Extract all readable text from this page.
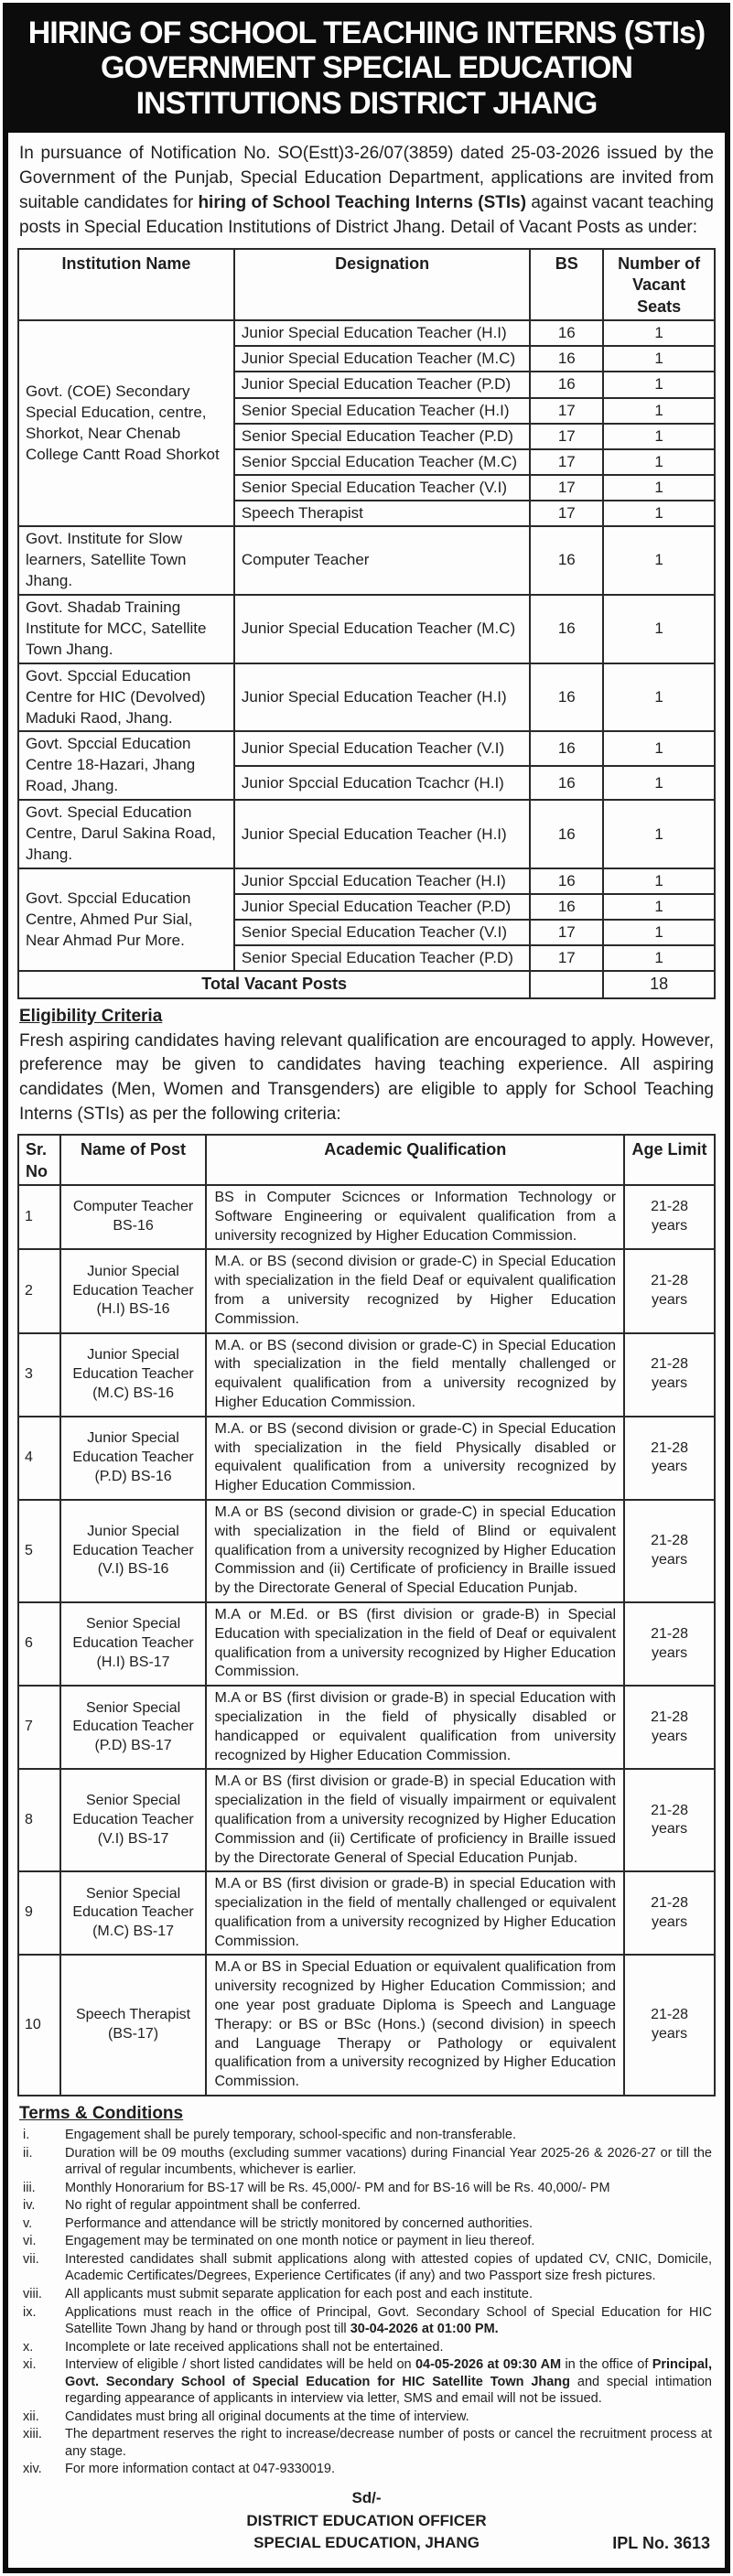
HIRING OF SCHOOL TEACHING INTERNS (STIs)
GOVERNMENT SPECIAL EDUCATION
INSTITUTIONS DISTRICT JHANG
In pursuance of Notification No. SO(Estt)3-26/07(3859) dated 25-03-2026 issued by the Government of the Punjab, Special Education Department, applications are invited from suitable candidates for hiring of School Teaching Interns (STIs) against vacant teaching posts in Special Education Institutions of District Jhang. Detail of Vacant Posts as under:
Institution Name	Designation	BS	Number of Vacant Seats
Govt. (COE) Secondary Special Education, centre, Shorkot, Near Chenab College Cantt Road Shorkot	Junior Special Education Teacher (H.I)	16	1
	Junior Special Education Teacher (M.C)	16	1
	Junior Special Education Teacher (P.D)	16	1
	Senior Special Education Teacher (H.I)	17	1
	Senior Special Education Teacher (P.D)	17	1
	Senior Spccial Education Teacher (M.C)	17	1
	Senior Special Education Teacher (V.I)	17	1
	Speech Therapist	17	1
Govt. Institute for Slow learners, Satellite Town Jhang.	Computer Teacher	16	1
Govt. Shadab Training Institute for MCC, Satellite Town Jhang.	Junior Special Education Teacher (M.C)	16	1
Govt. Spccial Education Centre for HIC (Devolved) Maduki Raod, Jhang.	Junior Special Education Teacher (H.I)	16	1
Govt. Spccial Education Centre 18-Hazari, Jhang Road, Jhang.	Junior Special Education Teacher (V.I)	16	1
	Junior Spccial Education Tcachcr (H.I)	16	1
Govt. Special Education Centre, Darul Sakina Road, Jhang.	Junior Special Education Teacher (H.I)	16	1
Govt. Spccial Education Centre, Ahmed Pur Sial, Near Ahmad Pur More.	Junior Spccial Education Teacher (H.I)	16	1
	Junior Special Education Teacher (P.D)	16	1
	Senior Special Education Teacher (V.I)	17	1
	Senior Special Education Teacher (P.D)	17	1
Total Vacant Posts			18
Eligibility Criteria
Fresh aspiring candidates having relevant qualification are encouraged to apply. However, preference may be given to candidates having teaching experience. All aspiring candidates (Men, Women and Transgenders) are eligible to apply for School Teaching Interns (STIs) as per the following criteria:
Sr. No	Name of Post	Academic Qualification	Age Limit
1	Computer Teacher BS-16	BS in Computer Scicnces or Information Technology or Software Engineering or equivalent qualification from a university recognized by Higher Education Commission.	21-28 years
2	Junior Special Education Teacher (H.I) BS-16	M.A. or BS (second division or grade-C) in Special Education with specialization in the field Deaf or equivalent qualification from a university recognized by Higher Education Commission.	21-28 years
3	Junior Special Education Teacher (M.C) BS-16	M.A. or BS (second division or grade-C) in Special Education with specialization in the field mentally challenged or equivalent qualification from a university recognized by Higher Education Commission.	21-28 years
4	Junior Special Education Teacher (P.D) BS-16	M.A. or BS (second division or grade-C) in Special Education with specialization in the field Physically disabled or equivalent qualification from a university recognized by Higher Education Commission.	21-28 years
5	Junior Special Education Teacher (V.I) BS-16	M.A or BS (second division or grade-C) in special Education with specialization in the field of Blind or equivalent qualification from a university recognized by Higher Education Commission and (ii) Certificate of proficiency in Braille issued by the Directorate General of Special Education Punjab.	21-28 years
6	Senior Special Education Teacher (H.I) BS-17	M.A or M.Ed. or BS (first division or grade-B) in Special Education with specialization in the field of Deaf or equivalent qualification from a university recognized by Higher Education Commission.	21-28 years
7	Senior Special Education Teacher (P.D) BS-17	M.A or BS (first division or grade-B) in special Education with specialization in the field of physically disabled or handicapped or equivalent qualification from university recognized by Higher Education Commission.	21-28 years
8	Senior Special Education Teacher (V.I) BS-17	M.A or BS (first division or grade-B) in special Education with specialization in the field of visually impairment or equivalent qualification from a university recognized by Higher Education Commission and (ii) Certificate of proficiency in Braille issued by the Directorate General of Special Education Punjab.	21-28 years
9	Senior Special Education Teacher (M.C) BS-17	M.A or BS (first division or grade-B) in special Education with specialization in the field of mentally challenged or equivalent qualification from a university recognized by Higher Education Commission.	21-28 years
10	Speech Therapist (BS-17)	M.A or BS in Special Eduation or equivalent qualification from university recognized by Higher Education Commission; and one year post graduate Diploma is Speech and Language Therapy: or BS or BSc (Hons.) (second division) in speech and Language Therapy or Pathology or equivalent qualification from a university recognized by Higher Education Commission.	21-28 years
Terms & Conditions
i.	Engagement shall be purely temporary, school-specific and non-transferable.
ii.	Duration will be 09 mouths (excluding summer vacations) during Financial Year 2025-26 & 2026-27 or till the arrival of regular incumbents, whichever is earlier.
iii.	Monthly Honorarium for BS-17 will be Rs. 45,000/- PM and for BS-16 will be Rs. 40,000/- PM
iv.	No right of regular appointment shall be conferred.
v.	Performance and attendance will be strictly monitored by concerned authorities.
vi.	Engagement may be terminated on one month notice or payment in lieu thereof.
vii.	Interested candidates shall submit applications along with attested copies of updated CV, CNIC, Domicile, Academic Certificates/Degrees, Experience Certificates (if any) and two Passport size fresh pictures.
viii.	All applicants must submit separate application for each post and each institute.
ix.	Applications must reach in the office of Principal, Govt. Secondary School of Special Education for HIC Satellite Town Jhang by hand or through post till 30-04-2026 at 01:00 PM.
x.	Incomplete or late received applications shall not be entertained.
xi.	Interview of eligible / short listed candidates will be held on 04-05-2026 at 09:30 AM in the office of Principal, Govt. Secondary School of Special Education for HIC Satellite Town Jhang and special intimation regarding appearance of applicants in interview via letter, SMS and email will not be issued.
xii.	Candidates must bring all original documents at the time of interview.
xiii.	The department reserves the right to increase/decrease number of posts or cancel the recruitment process at any stage.
xiv.	For more information contact at 047-9330019.
Sd/-
DISTRICT EDUCATION OFFICER
SPECIAL EDUCATION, JHANG	IPL No. 3613
